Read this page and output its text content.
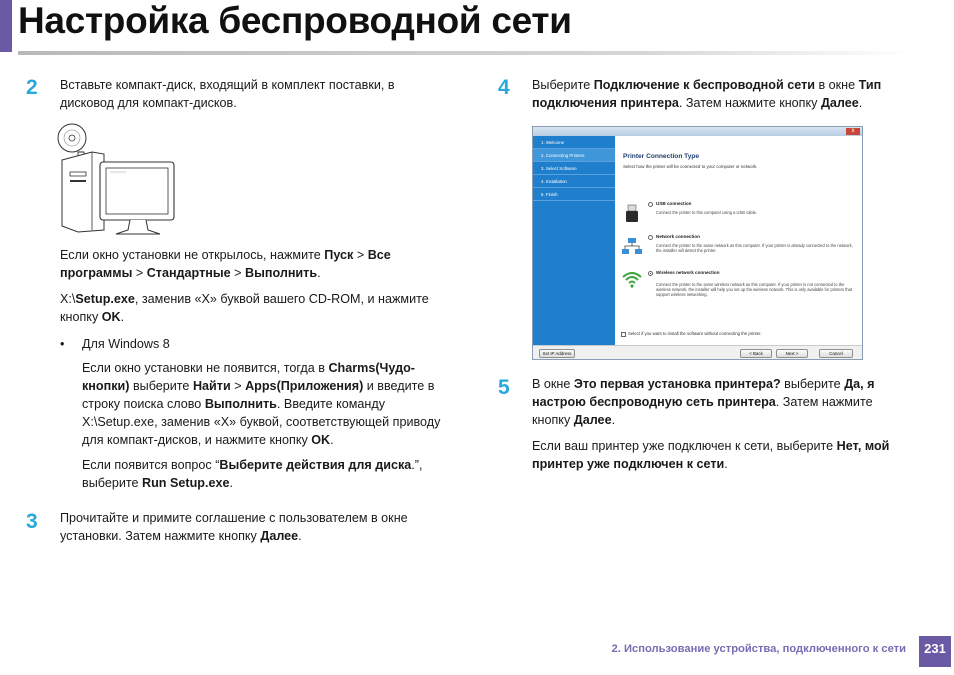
Настройка беспроводной сети
2 Вставьте компакт-диск, входящий в комплект поставки, в дисковод для компакт-дисков.

Если окно установки не открылось, нажмите Пуск > Все программы > Стандартные > Выполнить.

X:\Setup.exe, заменив «X» буквой вашего CD-ROM, и нажмите кнопку OK.

• Для Windows 8

Если окно установки не появится, тогда в Charms(Чудо-кнопки) выберите Найти > Apps(Приложения) и введите в строку поиска слово Выполнить. Введите команду X:\Setup.exe, заменив «X» буквой, соответствующей приводу для компакт-дисков, и нажмите кнопку OK.

Если появится вопрос “Выберите действия для диска.”, выберите Run Setup.exe.

3 Прочитайте и примите соглашение с пользователем в окне установки. Затем нажмите кнопку Далее.

4 Выберите Подключение к беспроводной сети в окне Тип подключения принтера. Затем нажмите кнопку Далее.

x
1. Welcome
2. Connecting Printers
3. Select Software
4. Installation
5. Finish
Printer Connection Type
Select how the printer will be connected to your computer or network.
USB connection
Connect the printer to this computer using a USB cable.
Network connection
Connect the printer to the same network as this computer. If your printer is already connected to the network, the installer will detect the printer.
Wireless network connection
Connect the printer to the same wireless network as this computer. If your printer is not connected to the wireless network, the installer will help you set up the wireless network. This is only available for printers that support wireless networking.
Select if you want to install the software without connecting the printer.
Set IP Address	< Back	Next >	Cancel
5 В окне Это первая установка принтера? выберите Да, я настрою беспроводную сеть принтера. Затем нажмите кнопку Далее.

Если ваш принтер уже подключен к сети, выберите Нет, мой принтер уже подключен к сети.

2. Использование устройства, подключенного к сети	231
